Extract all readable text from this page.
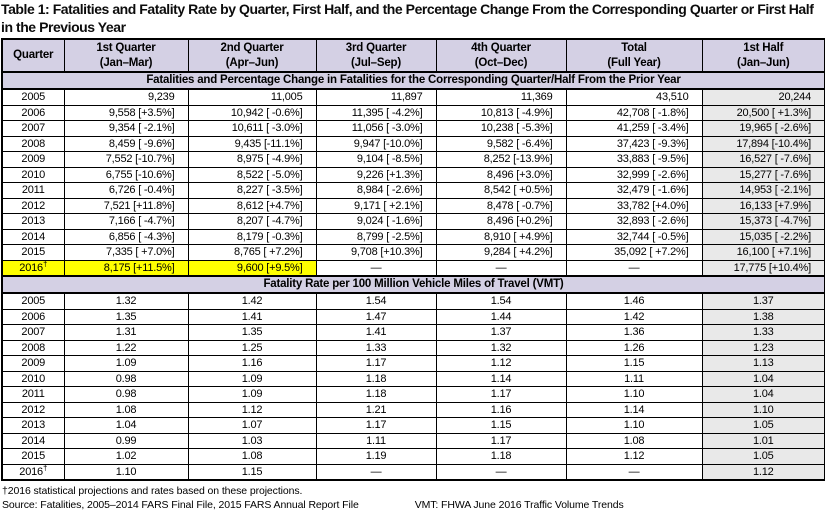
Table 1: Fatalities and Fatality Rate by Quarter, First Half, and the Percentage Change From the Corresponding Quarter or First Half in the Previous Year
Quarter

1st Quarter
(Jan–Mar)

2nd Quarter
(Apr–Jun)

3rd Quarter
(Jul–Sep)

4th Quarter
(Oct–Dec)

Total
(Full Year)

1st Half
(Jan–Jun)

Fatalities and Percentage Change in Fatalities for the Corresponding Quarter/Half From the Prior Year						
2005	9,239	11,005	11,897	11,369	43,510	20,244
2006	9,558 [+3.5%]	10,942 [ -0.6%]	11,395 [ -4.2%]	10,813 [ -4.9%]	42,708 [ -1.8%]	20,500 [ +1.3%]
2007	9,354 [ -2.1%]	10,611 [ -3.0%]	11,056 [ -3.0%]	10,238 [ -5.3%]	41,259 [ -3.4%]	19,965 [ -2.6%]
2008	8,459 [ -9.6%]	9,435 [-11.1%]	9,947 [-10.0%]	9,582 [ -6.4%]	37,423 [ -9.3%]	17,894 [-10.4%]
2009	7,552 [-10.7%]	8,975 [ -4.9%]	9,104 [ -8.5%]	8,252 [-13.9%]	33,883 [ -9.5%]	16,527 [ -7.6%]
2010	6,755 [-10.6%]	8,522 [ -5.0%]	9,226 [+1.3%]	8,496 [+3.0%]	32,999 [ -2.6%]	15,277 [ -7.6%]
2011	6,726 [ -0.4%]	8,227 [ -3.5%]	8,984 [ -2.6%]	8,542 [ +0.5%]	32,479 [ -1.6%]	14,953 [ -2.1%]
2012	7,521 [+11.8%]	8,612 [+4.7%]	9,171 [ +2.1%]	8,478 [ -0.7%]	33,782 [+4.0%]	16,133 [+7.9%]
2013	7,166 [ -4.7%]	8,207 [ -4.7%]	9,024 [ -1.6%]	8,496 [+0.2%]	32,893 [ -2.6%]	15,373 [ -4.7%]
2014	6,856 [ -4.3%]	8,179 [ -0.3%]	8,799 [ -2.5%]	8,910 [ +4.9%]	32,744 [ -0.5%]	15,035 [ -2.2%]
2015	7,335 [ +7.0%]	8,765 [ +7.2%]	9,708 [+10.3%]	9,284 [ +4.2%]	35,092 [ +7.2%]	16,100 [ +7.1%]
2016†	8,175 [+11.5%]	9,600 [+9.5%]	—	—	—	17,775 [+10.4%]
Fatality Rate per 100 Million Vehicle Miles of Travel (VMT)						
2005	1.32	1.42	1.54	1.54	1.46	1.37
2006	1.35	1.41	1.47	1.44	1.42	1.38
2007	1.31	1.35	1.41	1.37	1.36	1.33
2008	1.22	1.25	1.33	1.32	1.26	1.23
2009	1.09	1.16	1.17	1.12	1.15	1.13
2010	0.98	1.09	1.18	1.14	1.11	1.04
2011	0.98	1.09	1.18	1.17	1.10	1.04
2012	1.08	1.12	1.21	1.16	1.14	1.10
2013	1.04	1.07	1.17	1.15	1.10	1.05
2014	0.99	1.03	1.11	1.17	1.08	1.01
2015	1.02	1.08	1.19	1.18	1.12	1.05
2016†	1.10	1.15	—	—	—	1.12
†2016 statistical projections and rates based on these projections.
Source: Fatalities, 2005–2014 FARS Final File, 2015 FARS Annual Report File	VMT: FHWA June 2016 Traffic Volume Trends
